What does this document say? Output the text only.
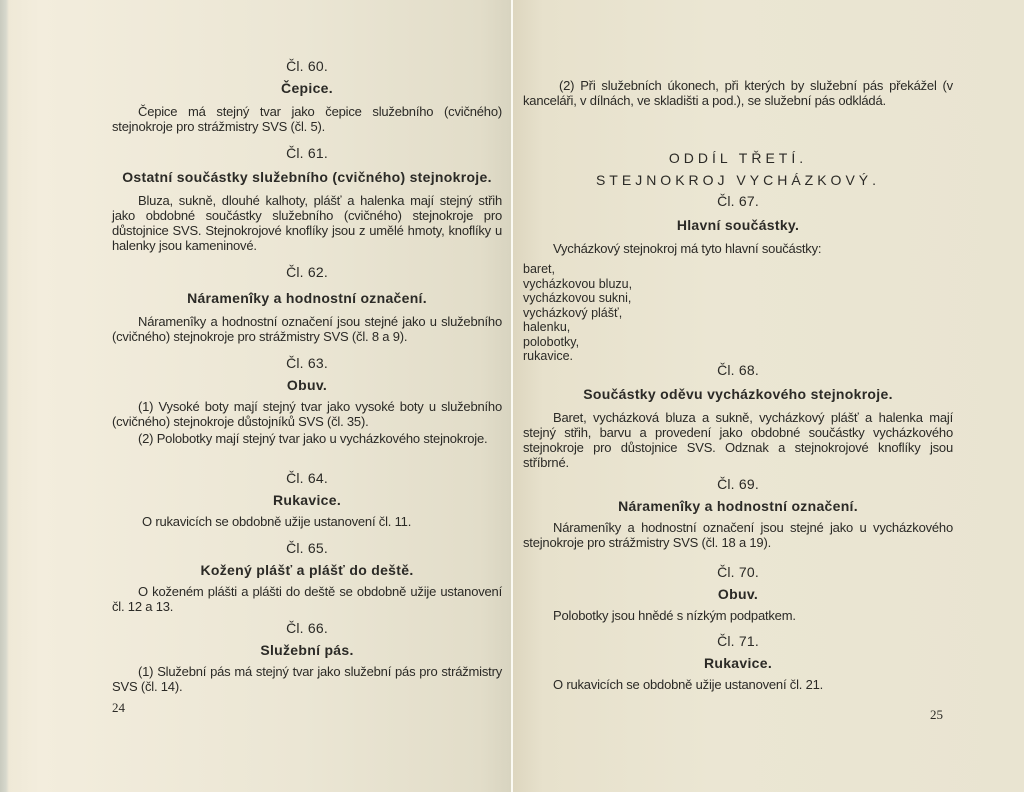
Čl. 60.
Čepice.
Čepice má stejný tvar jako čepice služebního (cvičného) stejnokroje pro strážmistry SVS (čl. 5).
Čl. 61.
Ostatní součástky služebního (cvičného) stejnokroje.
Bluza, sukně, dlouhé kalhoty, plášť a halenka mají stejný střih jako obdobné součástky služebního (cvičného) stejnokroje pro důstojnice SVS. Stejnokrojové knoflíky jsou z umělé hmoty, knoflíky u halenky jsou kameninové.
Čl. 62.
Náramenîky a hodnostní označení.
Náramenîky a hodnostní označení jsou stejné jako u služebního (cvičného) stejnokroje pro strážmistry SVS (čl. 8 a 9).
Čl. 63.
Obuv.
(1) Vysoké boty mají stejný tvar jako vysoké boty u služebního (cvičného) stejnokroje důstojníků SVS (čl. 35).
(2) Polobotky mají stejný tvar jako u vycházkového stejnokroje.
Čl. 64.
Rukavice.
O rukavicích se obdobně užije ustanovení čl. 11.
Čl. 65.
Kožený plášť a plášť do deště.
O koženém plášti a plášti do deště se obdobně užije ustanovení čl. 12 a 13.
Čl. 66.
Služební pás.
(1) Služební pás má stejný tvar jako služební pás pro strážmistry SVS (čl. 14).
24
(2) Při služebních úkonech, při kterých by služební pás překážel (v kanceláři, v dílnách, ve skladišti a pod.), se služební pás odkládá.
ODDÍL TŘETÍ.
STEJNOKROJ VYCHÁZKOVÝ.
Čl. 67.
Hlavní součástky.
Vycházkový stejnokroj má tyto hlavní součástky:
baret,
vycházkovou bluzu,
vycházkovou sukni,
vycházkový plášť,
halenku,
polobotky,
rukavice.
Čl. 68.
Součástky oděvu vycházkového stejnokroje.
Baret, vycházková bluza a sukně, vycházkový plášť a halenka mají stejný střih, barvu a provedení jako obdobné součástky vycházkového stejnokroje pro důstojnice SVS. Odznak a stejnokrojové knoflíky jsou stříbrné.
Čl. 69.
Náramenîky a hodnostní označení.
Náramenîky a hodnostní označení jsou stejné jako u vycházkového stejnokroje pro strážmistry SVS (čl. 18 a 19).
Čl. 70.
Obuv.
Polobotky jsou hnědé s nízkým podpatkem.
Čl. 71.
Rukavice.
O rukavicích se obdobně užije ustanovení čl. 21.
25
